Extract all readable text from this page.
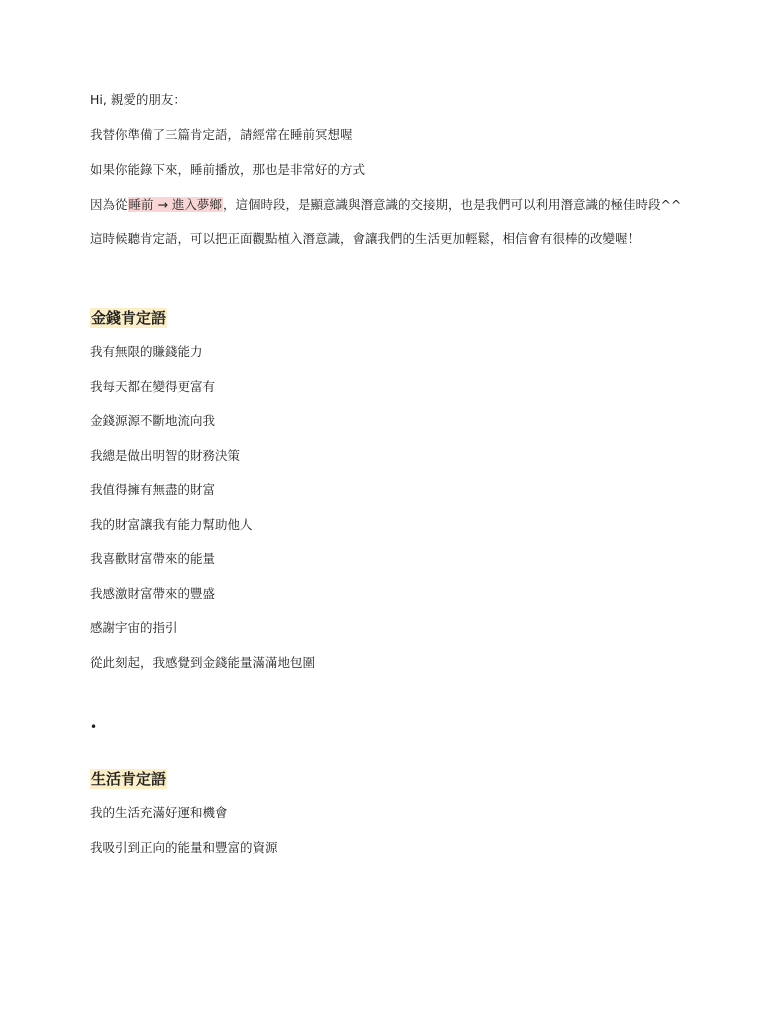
Hi, 親愛的朋友：

我替你準備了三篇肯定語，請經常在睡前冥想喔

如果你能錄下來，睡前播放，那也是非常好的方式

因為從睡前 → 進入夢鄉，這個時段，是顯意識與潛意識的交接期，也是我們可以利用潛意識的極佳時段^^

這時候聽肯定語，可以把正面觀點植入潛意識，會讓我們的生活更加輕鬆，相信會有很棒的改變喔！

金錢肯定語

我有無限的賺錢能力

我每天都在變得更富有

金錢源源不斷地流向我

我總是做出明智的財務決策

我值得擁有無盡的財富

我的財富讓我有能力幫助他人

我喜歡財富帶來的能量

我感激財富帶來的豐盛

感謝宇宙的指引

從此刻起，我感覺到金錢能量滿滿地包圍

•
生活肯定語

我的生活充滿好運和機會

我吸引到正向的能量和豐富的資源
